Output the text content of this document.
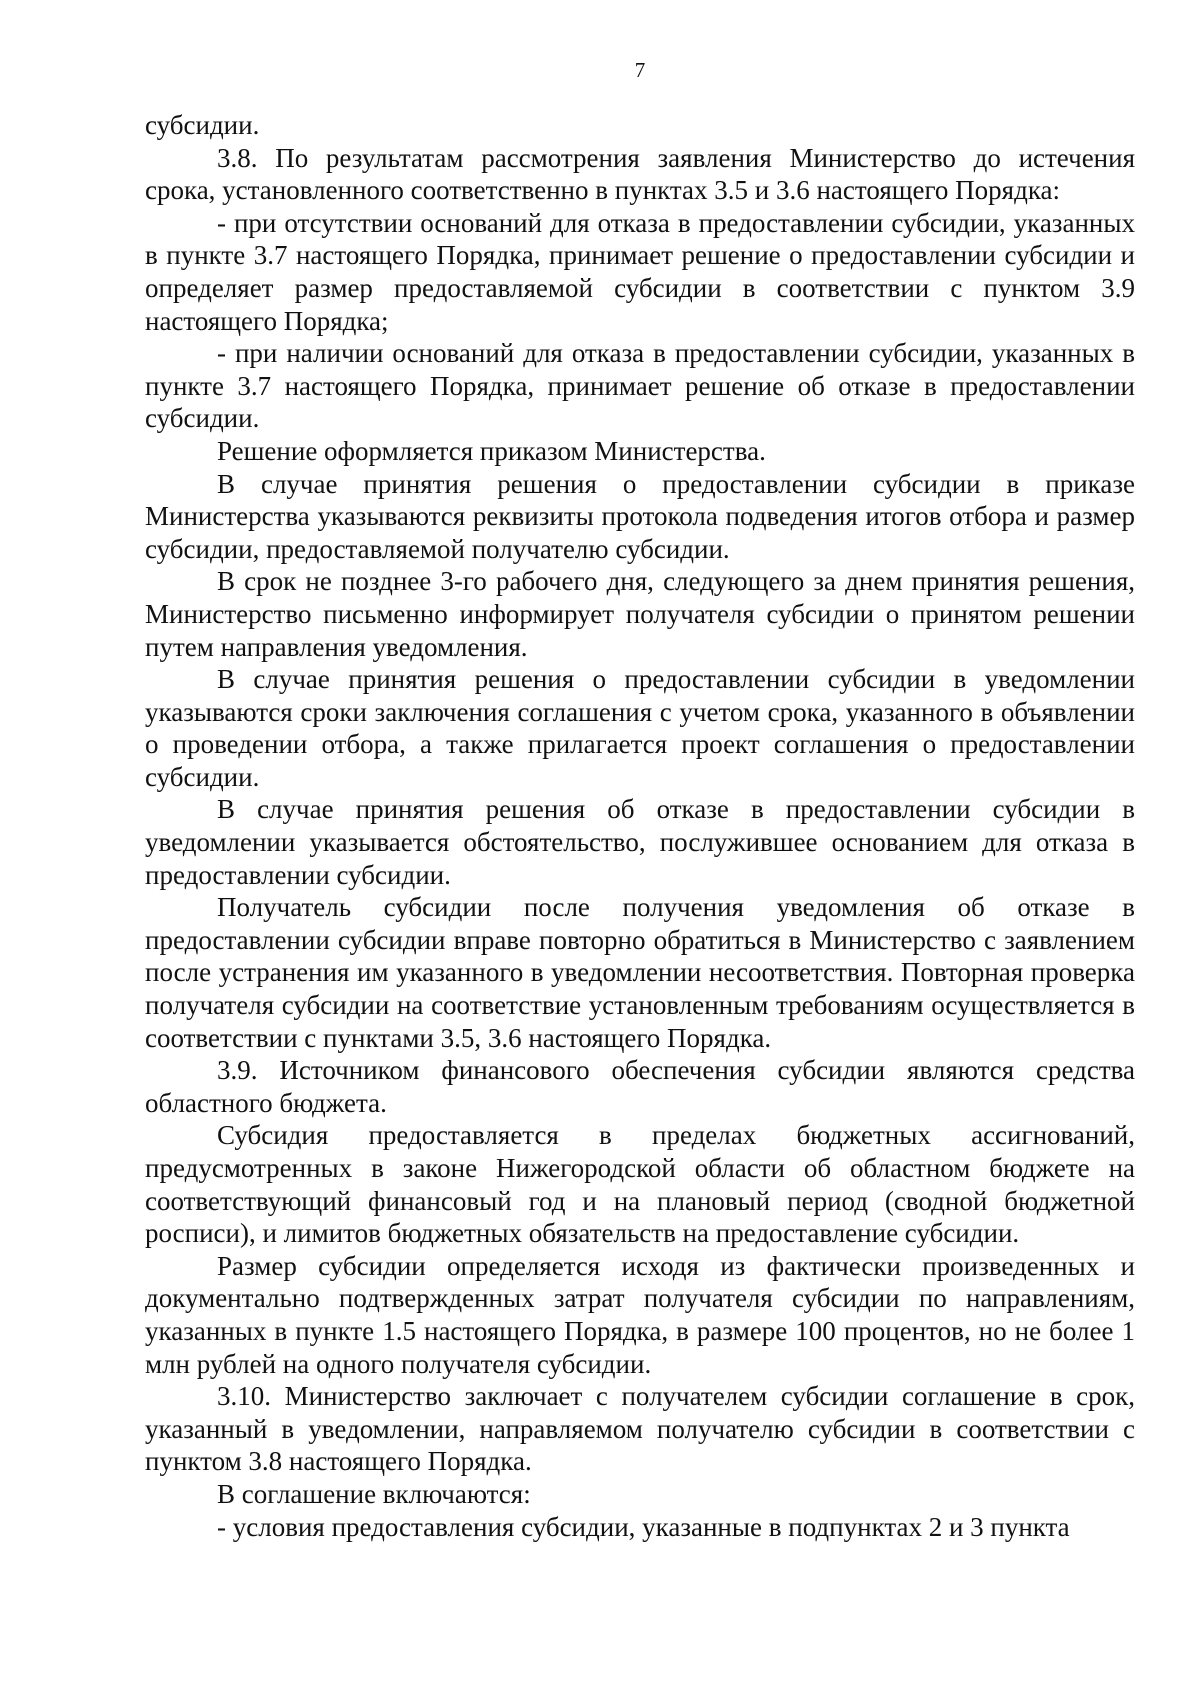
7

субсидии.

3.8. По результатам рассмотрения заявления Министерство до истечения срока, установленного соответственно в пунктах 3.5 и 3.6 настоящего Порядка:

- при отсутствии оснований для отказа в предоставлении субсидии, указанных в пункте 3.7 настоящего Порядка, принимает решение о предоставлении субсидии и определяет размер предоставляемой субсидии в соответствии с пунктом 3.9 настоящего Порядка;

- при наличии оснований для отказа в предоставлении субсидии, указанных в пункте 3.7 настоящего Порядка, принимает решение об отказе в предоставлении субсидии.

Решение оформляется приказом Министерства.

В случае принятия решения о предоставлении субсидии в приказе Министерства указываются реквизиты протокола подведения итогов отбора и размер субсидии, предоставляемой получателю субсидии.

В срок не позднее 3-го рабочего дня, следующего за днем принятия решения, Министерство письменно информирует получателя субсидии о принятом решении путем направления уведомления.

В случае принятия решения о предоставлении субсидии в уведомлении указываются сроки заключения соглашения с учетом срока, указанного в объявлении о проведении отбора, а также прилагается проект соглашения о предоставлении субсидии.

В случае принятия решения об отказе в предоставлении субсидии в уведомлении указывается обстоятельство, послужившее основанием для отказа в предоставлении субсидии.

Получатель субсидии после получения уведомления об отказе в предоставлении субсидии вправе повторно обратиться в Министерство с заявлением после устранения им указанного в уведомлении несоответствия. Повторная проверка получателя субсидии на соответствие установленным требованиям осуществляется в соответствии с пунктами 3.5, 3.6 настоящего Порядка.

3.9. Источником финансового обеспечения субсидии являются средства областного бюджета.

Субсидия предоставляется в пределах бюджетных ассигнований, предусмотренных в законе Нижегородской области об областном бюджете на соответствующий финансовый год и на плановый период (сводной бюджетной росписи), и лимитов бюджетных обязательств на предоставление субсидии.

Размер субсидии определяется исходя из фактически произведенных и документально подтвержденных затрат получателя субсидии по направлениям, указанных в пункте 1.5 настоящего Порядка, в размере 100 процентов, но не более 1 млн рублей на одного получателя субсидии.

3.10. Министерство заключает с получателем субсидии соглашение в срок, указанный в уведомлении, направляемом получателю субсидии в соответствии с пунктом 3.8 настоящего Порядка.

В соглашение включаются:

- условия предоставления субсидии, указанные в подпунктах 2 и 3 пункта
